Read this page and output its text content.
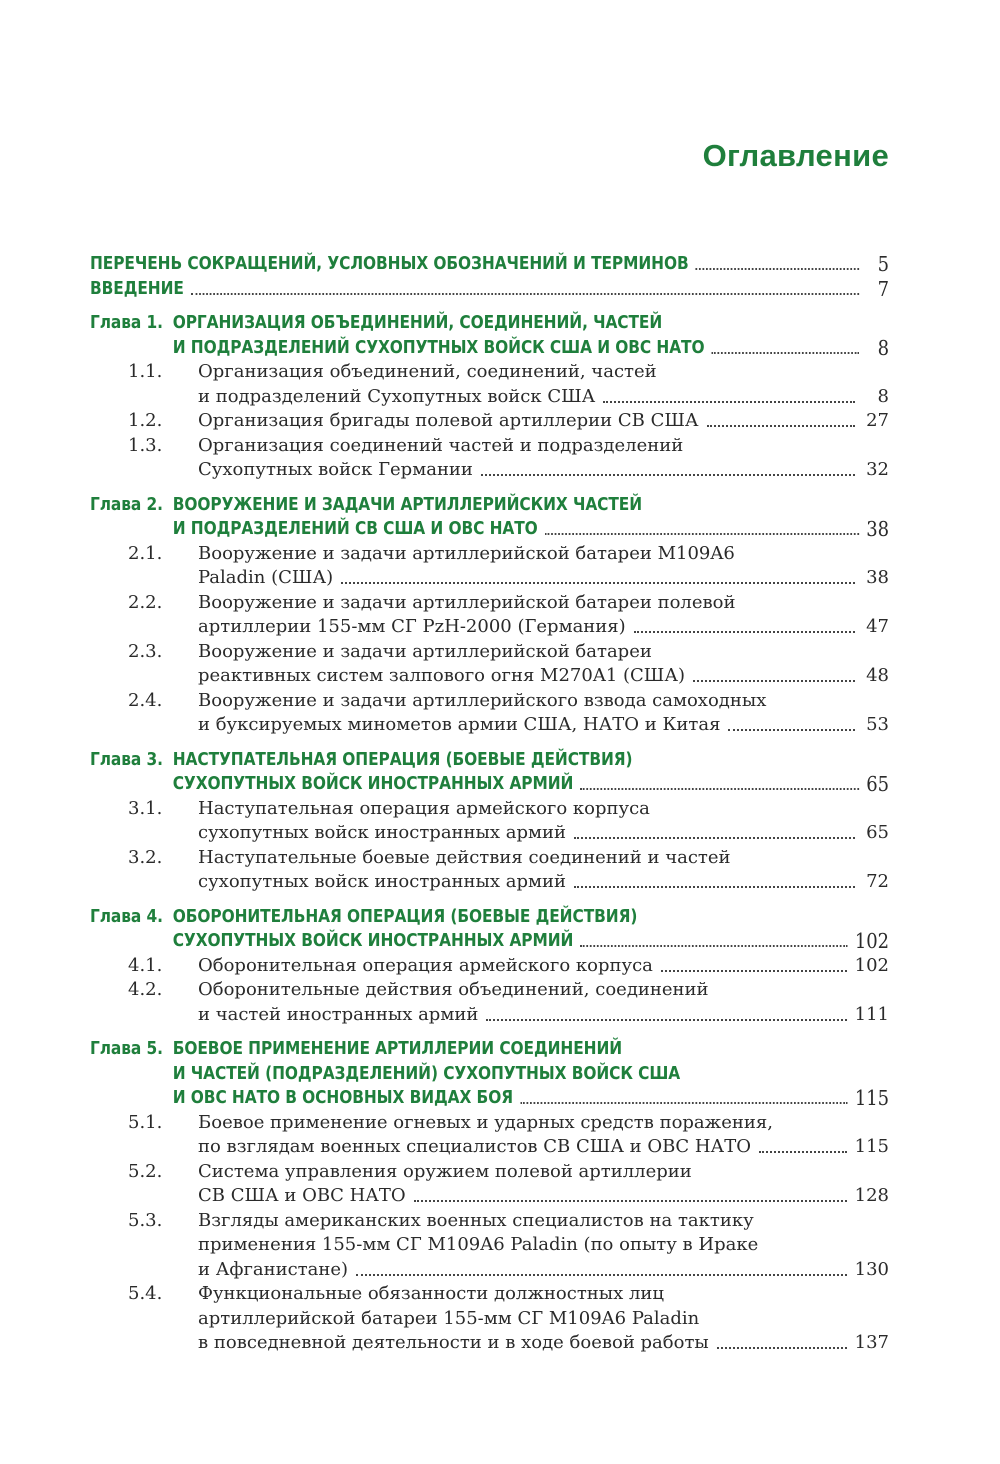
Оглавление
ПЕРЕЧЕНЬ СОКРАЩЕНИЙ, УСЛОВНЫХ ОБОЗНАЧЕНИЙ И ТЕРМИНОВ	5
ВВЕДЕНИЕ	7
Глава 1. ОРГАНИЗАЦИЯ ОБЪЕДИНЕНИЙ, СОЕДИНЕНИЙ, ЧАСТЕЙ
И ПОДРАЗДЕЛЕНИЙ СУХОПУТНЫХ ВОЙСК США И ОВС НАТО	8
1.1. Организация объединений, соединений, частей
и подразделений Сухопутных войск США	8
1.2. Организация бригады полевой артиллерии СВ США	27
1.3. Организация соединений частей и подразделений
Сухопутных войск Германии	32
Глава 2. ВООРУЖЕНИЕ И ЗАДАЧИ АРТИЛЛЕРИЙСКИХ ЧАСТЕЙ
И ПОДРАЗДЕЛЕНИЙ СВ США И ОВС НАТО	38
2.1. Вооружение и задачи артиллерийской батареи M109A6
Paladin (США)	38
2.2. Вооружение и задачи артиллерийской батареи полевой
артиллерии 155-мм СГ PzH-2000 (Германия)	47
2.3. Вооружение и задачи артиллерийской батареи
реактивных систем залпового огня M270A1 (США)	48
2.4. Вооружение и задачи артиллерийского взвода самоходных
и буксируемых минометов армии США, НАТО и Китая	53
Глава 3. НАСТУПАТЕЛЬНАЯ ОПЕРАЦИЯ (БОЕВЫЕ ДЕЙСТВИЯ)
СУХОПУТНЫХ ВОЙСК ИНОСТРАННЫХ АРМИЙ	65
3.1. Наступательная операция армейского корпуса
сухопутных войск иностранных армий	65
3.2. Наступательные боевые действия соединений и частей
сухопутных войск иностранных армий	72
Глава 4. ОБОРОНИТЕЛЬНАЯ ОПЕРАЦИЯ (БОЕВЫЕ ДЕЙСТВИЯ)
СУХОПУТНЫХ ВОЙСК ИНОСТРАННЫХ АРМИЙ	102
4.1. Оборонительная операция армейского корпуса	102
4.2. Оборонительные действия объединений, соединений
и частей иностранных армий	111
Глава 5. БОЕВОЕ ПРИМЕНЕНИЕ АРТИЛЛЕРИИ СОЕДИНЕНИЙ
И ЧАСТЕЙ (ПОДРАЗДЕЛЕНИЙ) СУХОПУТНЫХ ВОЙСК США
И ОВС НАТО В ОСНОВНЫХ ВИДАХ БОЯ	115
5.1. Боевое применение огневых и ударных средств поражения,
по взглядам военных специалистов СВ США и ОВС НАТО	115
5.2. Система управления оружием полевой артиллерии
СВ США и ОВС НАТО	128
5.3. Взгляды американских военных специалистов на тактику
применения 155-мм СГ M109A6 Paladin (по опыту в Ираке
и Афганистане)	130
5.4. Функциональные обязанности должностных лиц
артиллерийской батареи 155-мм СГ M109A6 Paladin
в повседневной деятельности и в ходе боевой работы	137
